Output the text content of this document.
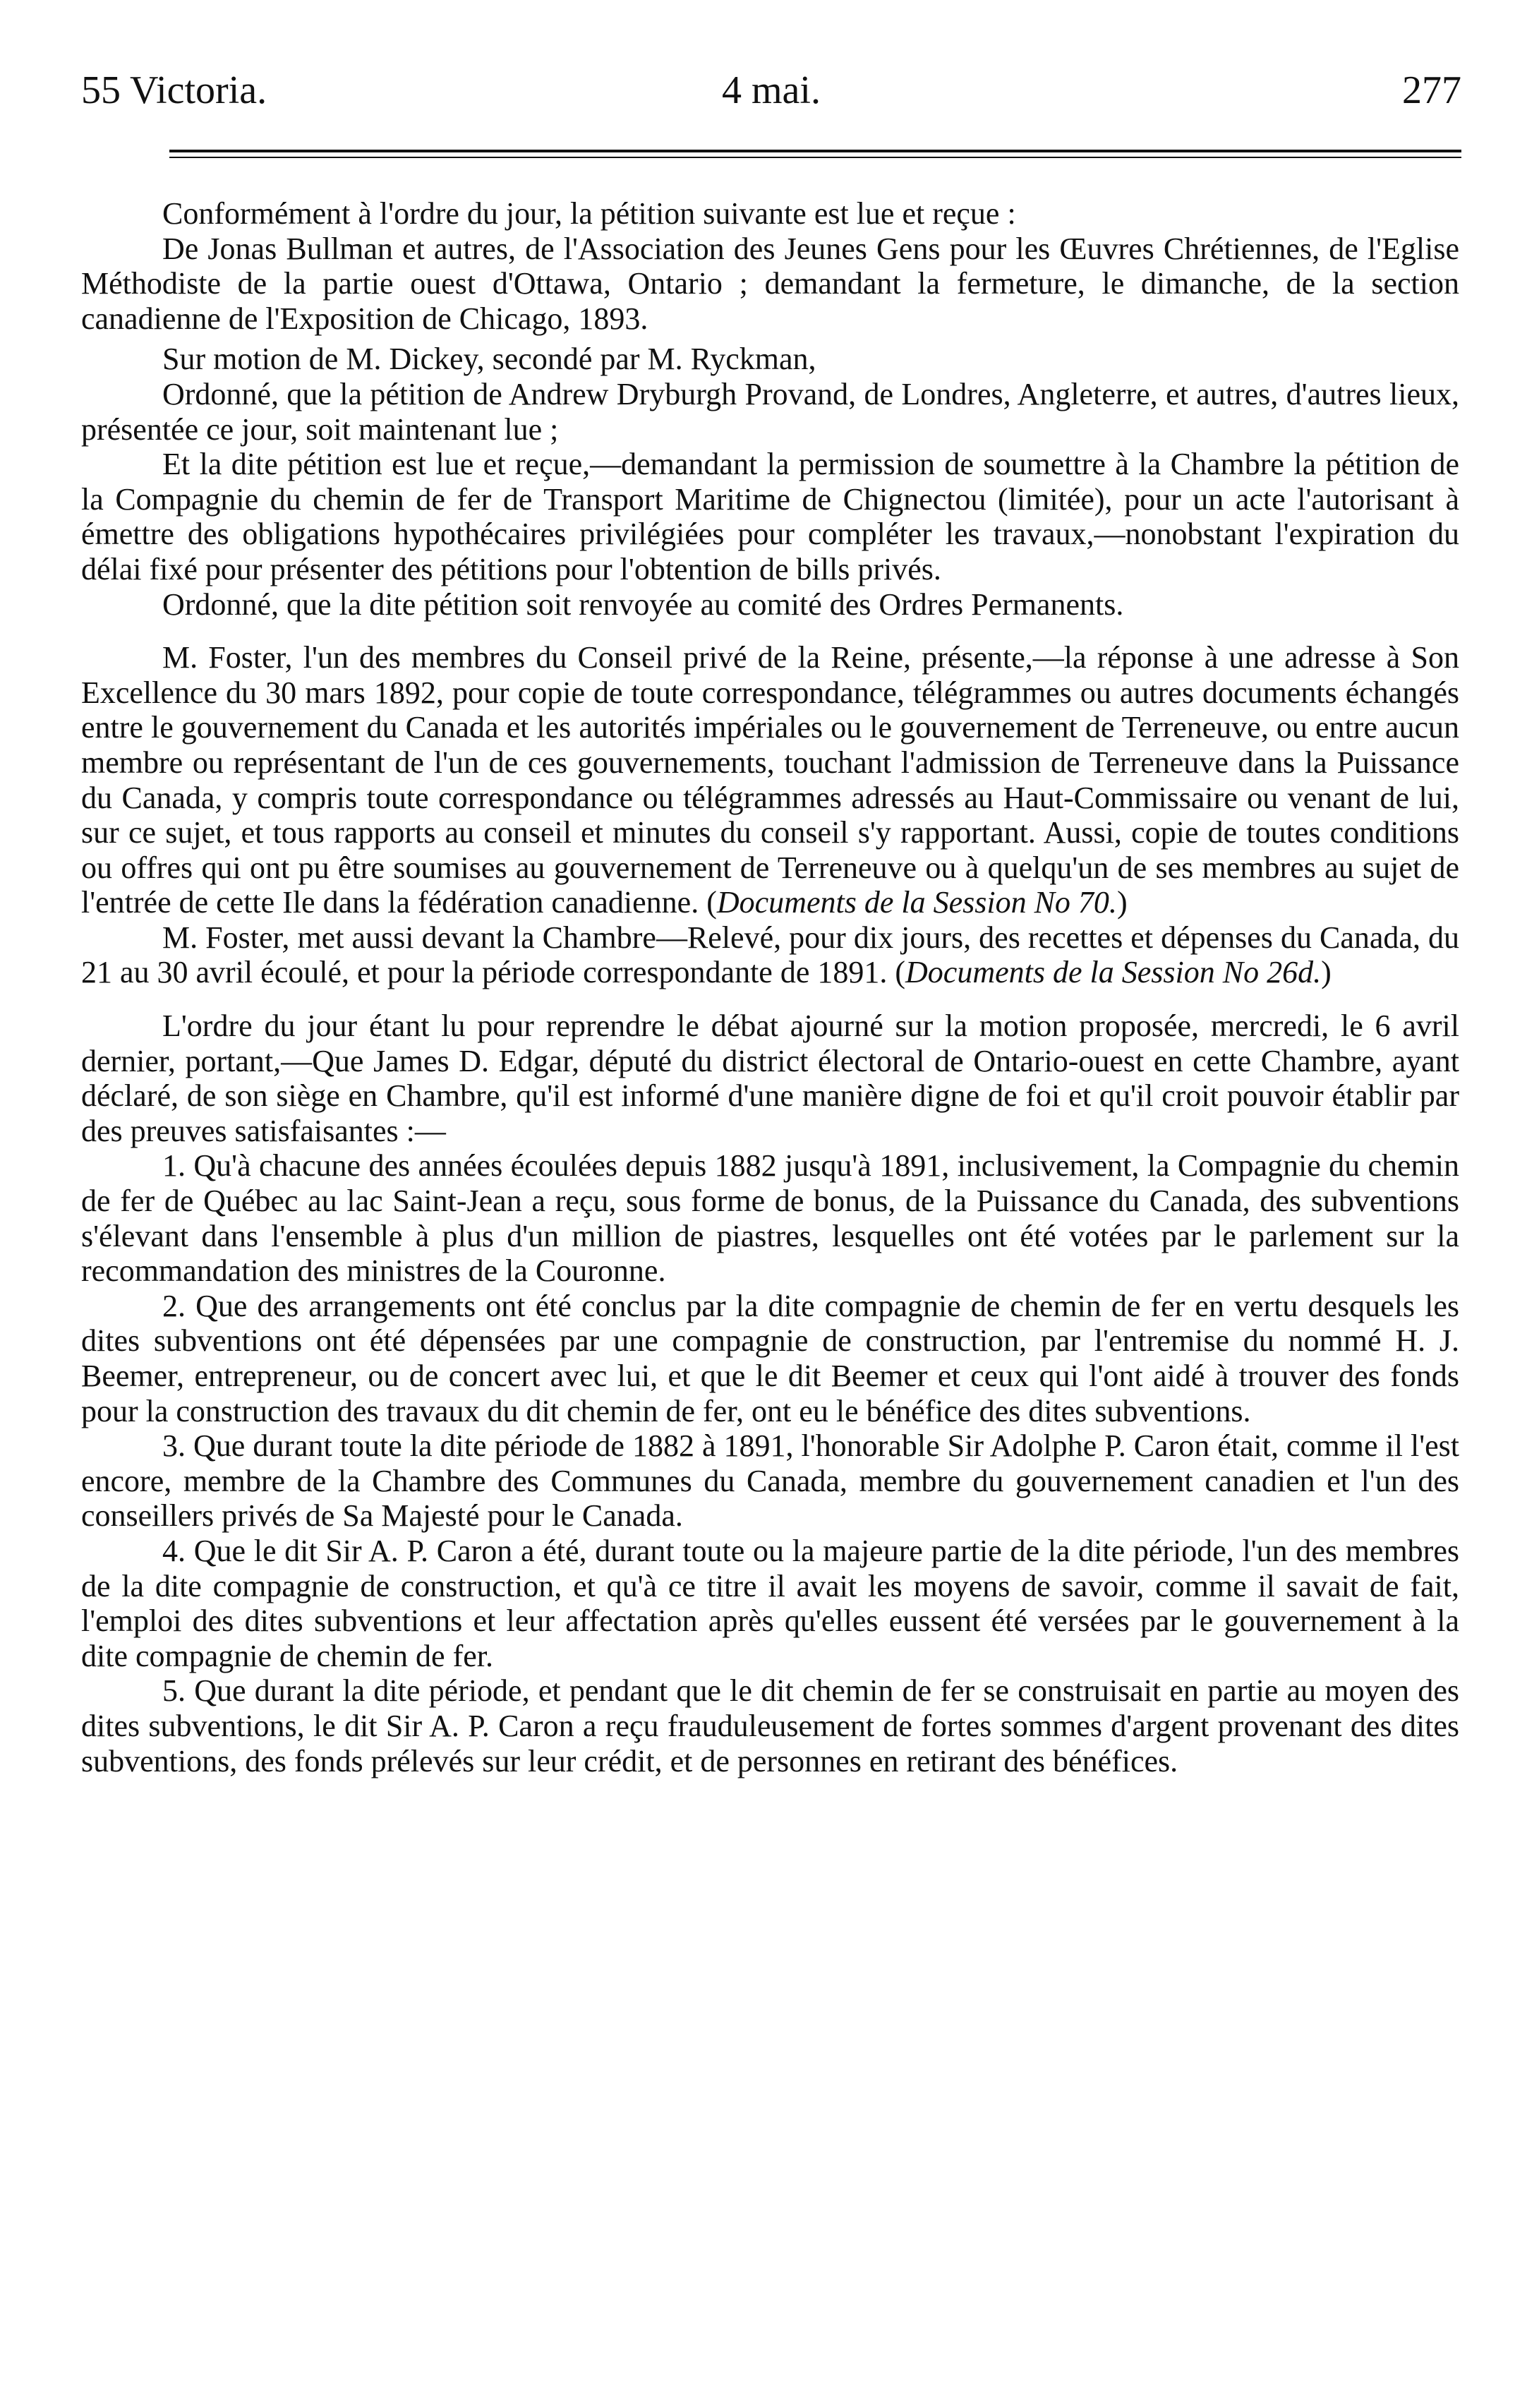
55 Victoria.	4 mai.	277

Conformément à l'ordre du jour, la pétition suivante est lue et reçue :

De Jonas Bullman et autres, de l'Association des Jeunes Gens pour les Œuvres Chrétiennes, de l'Eglise Méthodiste de la partie ouest d'Ottawa, Ontario ; demandant la fermeture, le dimanche, de la section canadienne de l'Exposition de Chicago, 1893.

Sur motion de M. Dickey, secondé par M. Ryckman,

Ordonné, que la pétition de Andrew Dryburgh Provand, de Londres, Angleterre, et autres, d'autres lieux, présentée ce jour, soit maintenant lue ;

Et la dite pétition est lue et reçue,—demandant la permission de soumettre à la Chambre la pétition de la Compagnie du chemin de fer de Transport Maritime de Chignectou (limitée), pour un acte l'autorisant à émettre des obligations hypothécaires privilégiées pour compléter les travaux,—nonobstant l'expiration du délai fixé pour présenter des pétitions pour l'obtention de bills privés.

Ordonné, que la dite pétition soit renvoyée au comité des Ordres Permanents.

M. Foster, l'un des membres du Conseil privé de la Reine, présente,—la réponse à une adresse à Son Excellence du 30 mars 1892, pour copie de toute correspondance, télégrammes ou autres documents échangés entre le gouvernement du Canada et les autorités impériales ou le gouvernement de Terreneuve, ou entre aucun membre ou représentant de l'un de ces gouvernements, touchant l'admission de Terreneuve dans la Puissance du Canada, y compris toute correspondance ou télégrammes adressés au Haut-Commissaire ou venant de lui, sur ce sujet, et tous rapports au conseil et minutes du conseil s'y rapportant. Aussi, copie de toutes conditions ou offres qui ont pu être soumises au gouvernement de Terreneuve ou à quelqu'un de ses membres au sujet de l'entrée de cette Ile dans la fédération canadienne. (Documents de la Session No 70.)

M. Foster, met aussi devant la Chambre—Relevé, pour dix jours, des recettes et dépenses du Canada, du 21 au 30 avril écoulé, et pour la période correspondante de 1891. (Documents de la Session No 26d.)

L'ordre du jour étant lu pour reprendre le débat ajourné sur la motion proposée, mercredi, le 6 avril dernier, portant,—Que James D. Edgar, député du district électoral de Ontario-ouest en cette Chambre, ayant déclaré, de son siège en Chambre, qu'il est informé d'une manière digne de foi et qu'il croit pouvoir établir par des preuves satisfaisantes :—

1. Qu'à chacune des années écoulées depuis 1882 jusqu'à 1891, inclusivement, la Compagnie du chemin de fer de Québec au lac Saint-Jean a reçu, sous forme de bonus, de la Puissance du Canada, des subventions s'élevant dans l'ensemble à plus d'un million de piastres, lesquelles ont été votées par le parlement sur la recommandation des ministres de la Couronne.

2. Que des arrangements ont été conclus par la dite compagnie de chemin de fer en vertu desquels les dites subventions ont été dépensées par une compagnie de construction, par l'entremise du nommé H. J. Beemer, entrepreneur, ou de concert avec lui, et que le dit Beemer et ceux qui l'ont aidé à trouver des fonds pour la construction des travaux du dit chemin de fer, ont eu le bénéfice des dites subventions.

3. Que durant toute la dite période de 1882 à 1891, l'honorable Sir Adolphe P. Caron était, comme il l'est encore, membre de la Chambre des Communes du Canada, membre du gouvernement canadien et l'un des conseillers privés de Sa Majesté pour le Canada.

4. Que le dit Sir A. P. Caron a été, durant toute ou la majeure partie de la dite période, l'un des membres de la dite compagnie de construction, et qu'à ce titre il avait les moyens de savoir, comme il savait de fait, l'emploi des dites subventions et leur affectation après qu'elles eussent été versées par le gouvernement à la dite compagnie de chemin de fer.

5. Que durant la dite période, et pendant que le dit chemin de fer se construisait en partie au moyen des dites subventions, le dit Sir A. P. Caron a reçu frauduleusement de fortes sommes d'argent provenant des dites subventions, des fonds prélevés sur leur crédit, et de personnes en retirant des bénéfices.
